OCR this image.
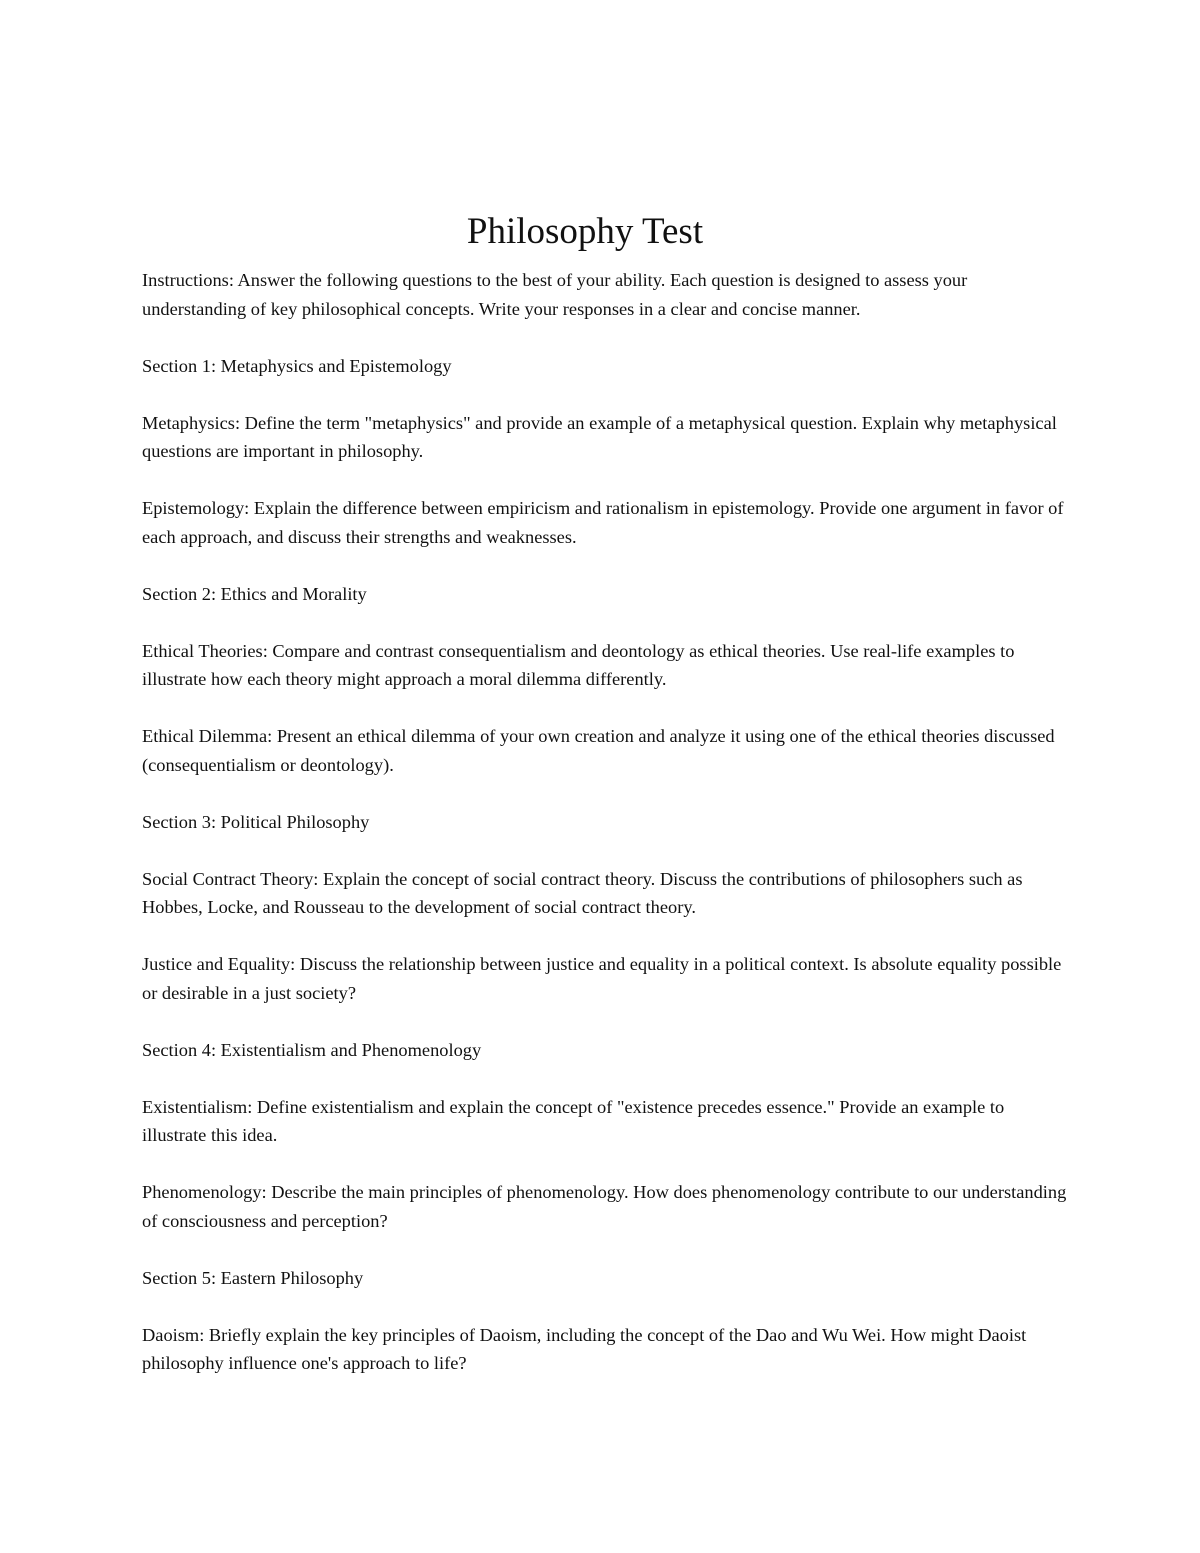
Philosophy Test

Instructions: Answer the following questions to the best of your ability. Each question is designed to assess your understanding of key philosophical concepts. Write your responses in a clear and concise manner.

Section 1: Metaphysics and Epistemology

Metaphysics: Define the term "metaphysics" and provide an example of a metaphysical question. Explain why metaphysical questions are important in philosophy.

Epistemology: Explain the difference between empiricism and rationalism in epistemology. Provide one argument in favor of each approach, and discuss their strengths and weaknesses.

Section 2: Ethics and Morality

Ethical Theories: Compare and contrast consequentialism and deontology as ethical theories. Use real-life examples to illustrate how each theory might approach a moral dilemma differently.

Ethical Dilemma: Present an ethical dilemma of your own creation and analyze it using one of the ethical theories discussed (consequentialism or deontology).

Section 3: Political Philosophy

Social Contract Theory: Explain the concept of social contract theory. Discuss the contributions of philosophers such as Hobbes, Locke, and Rousseau to the development of social contract theory.

Justice and Equality: Discuss the relationship between justice and equality in a political context. Is absolute equality possible or desirable in a just society?

Section 4: Existentialism and Phenomenology

Existentialism: Define existentialism and explain the concept of "existence precedes essence." Provide an example to illustrate this idea.

Phenomenology: Describe the main principles of phenomenology. How does phenomenology contribute to our understanding of consciousness and perception?

Section 5: Eastern Philosophy

Daoism: Briefly explain the key principles of Daoism, including the concept of the Dao and Wu Wei. How might Daoist philosophy influence one's approach to life?
